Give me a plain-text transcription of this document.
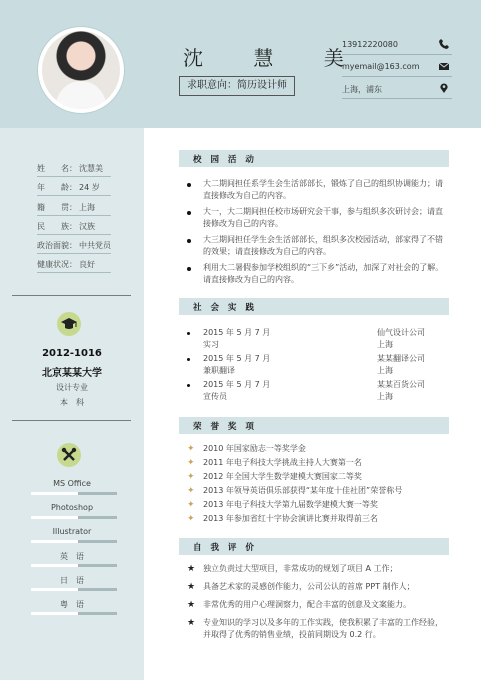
沈 慧 美
求职意向：简历设计师
13912220080
myemail@163.com
上海，浦东
姓　　名： 沈慧美
年　　龄： 24 岁
籍　　贯： 上海
民　　族： 汉族
政治面貌： 中共党员
健康状况： 良好
2012-1016
北京某某大学
设计专业
本　科
MS Office
Photoshop
Illustrator
英　语
日　语
粤　语
校 园 活 动
大二期间担任系学生会生活部部长，锻炼了自己的组织协调能力；请直接修改为自己的内容。
大一，大二期间担任校市场研究会干事，参与组织多次研讨会；请直接修改为自己的内容。
大三期间担任学生会生活部部长，组织多次校园活动，部家得了不错的效果；请直接修改为自己的内容。
利用大二暑假参加学校组织的“三下乡”活动，加深了对社会的了解。请直接修改为自己的内容。
社 会 实 践
2015 年 5 月 7 月
实习
仙气设计公司
上海
2015 年 5 月 7 月
兼职翻译
某某翻译公司
上海
2015 年 5 月 7 月
宣传员
某某百货公司
上海
荣 誉 奖 项
✦ 2010 年国家励志一等奖学金
✦ 2011 年电子科技大学挑战主持人大赛第一名
✦ 2012 年全国大学生数学建模大赛国家二等奖
✦ 2013 年领导英语俱乐部获得“某年度十佳社团”荣誉称号
✦ 2013 年电子科技大学第九届数学建模大赛一等奖
✦ 2013 年参加省红十字协会演讲比赛并取得前三名
自 我 评 价
★ 独立负责过大型项目，非常成功的规划了项目 A 工作；
★ 具备艺术家的灵感创作能力，公司公认的首席 PPT 制作人；
★ 非常优秀的用户心理洞察力，配合丰富的创意及文案能力。
★ 专业知识的学习以及多年的工作实践，使我积累了丰富的工作经验，并取得了优秀的销售业绩，投前同期设为 0.2 行。
